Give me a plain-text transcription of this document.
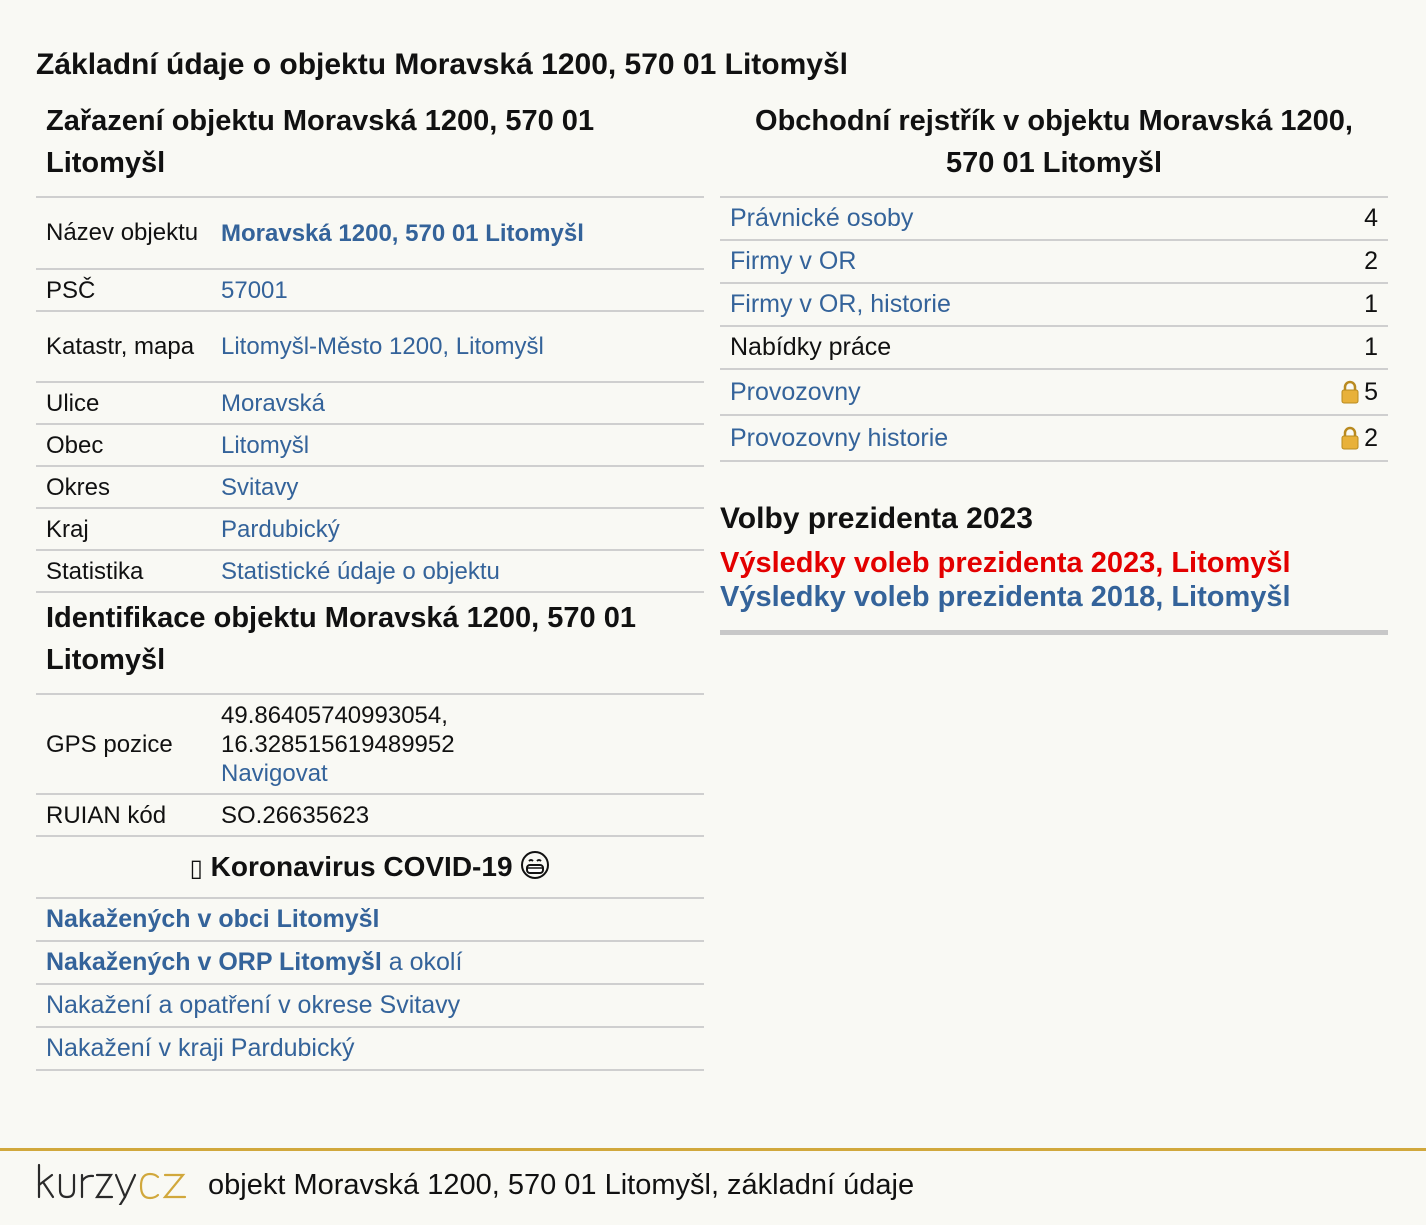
Základní údaje o objektu Moravská 1200, 570 01 Litomyšl
Zařazení objektu Moravská 1200, 570 01 Litomyšl
Název objektu	Moravská 1200, 570 01 Litomyšl
PSČ	57001
Katastr, mapa	Litomyšl-Město 1200, Litomyšl
Ulice	Moravská
Obec	Litomyšl
Okres	Svitavy
Kraj	Pardubický
Statistika	Statistické údaje o objektu
Identifikace objektu Moravská 1200, 570 01 Litomyšl
GPS pozice	49.86405740993054,
16.328515619489952
Navigovat
RUIAN kód	SO.26635623
▯ Koronavirus COVID-19
Nakažených v obci Litomyšl
Nakažených v ORP Litomyšl a okolí
Nakažení a opatření v okrese Svitavy
Nakažení v kraji Pardubický
Obchodní rejstřík v objektu Moravská 1200, 570 01 Litomyšl
Právnické osoby	4
Firmy v OR	2
Firmy v OR, historie	1
Nabídky práce	1
Provozovny	5
Provozovny historie	2
Volby prezidenta 2023
Výsledky voleb prezidenta 2023, Litomyšl
Výsledky voleb prezidenta 2018, Litomyšl
objekt Moravská 1200, 570 01 Litomyšl, základní údaje
